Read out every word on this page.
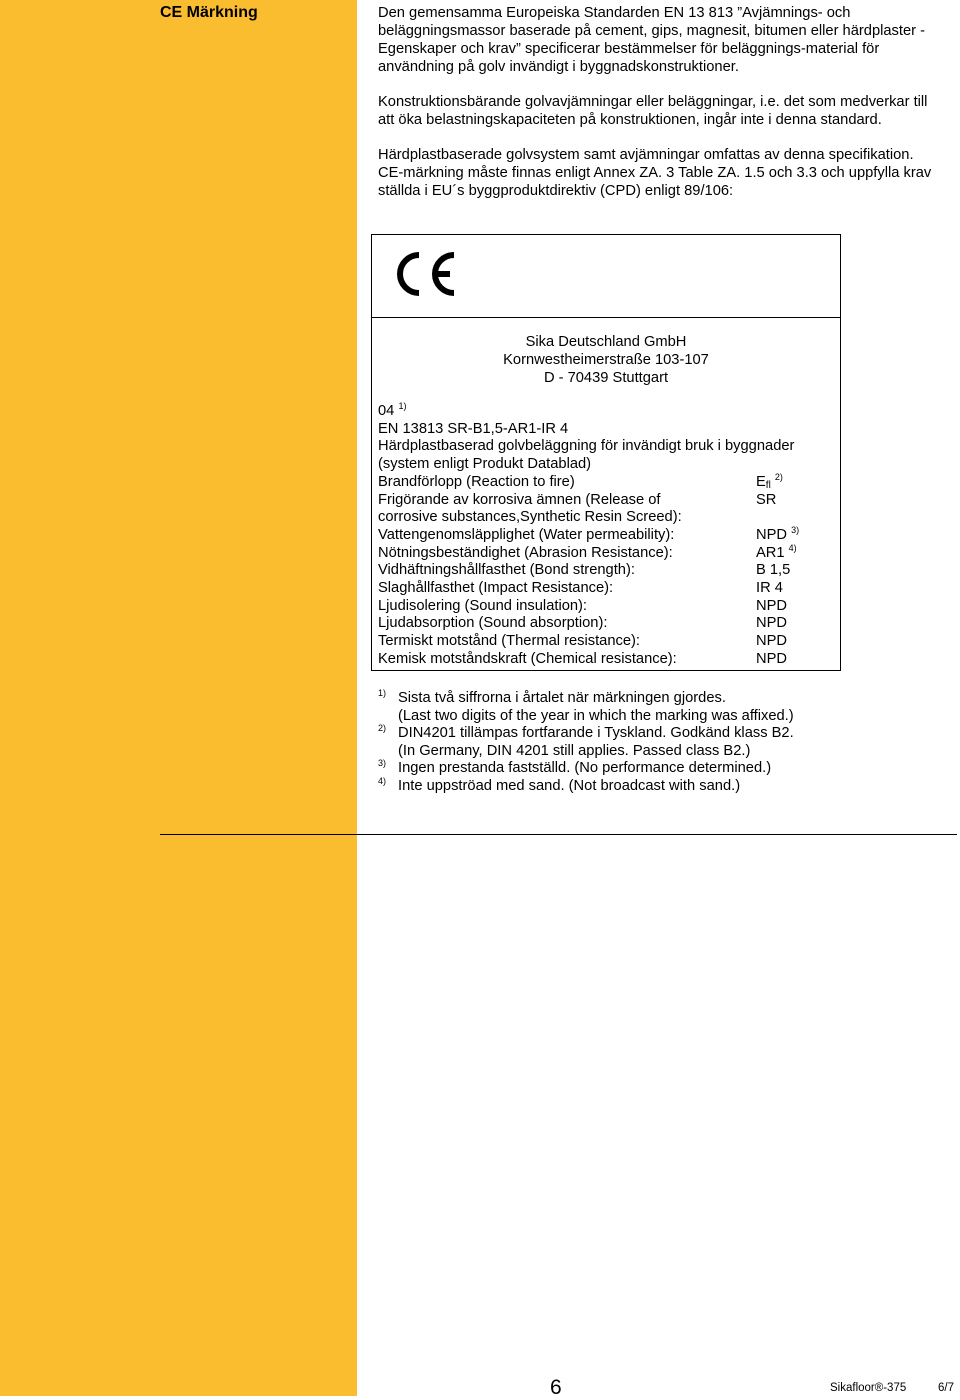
CE Märkning	Den gemensamma Europeiska Standarden EN 13 813 ”Avjämnings- och beläggningsmassor baserade på cement, gips, magnesit, bitumen eller härdplaster - Egenskaper och krav” specificerar bestämmelser för beläggnings-material för användning på golv invändigt i byggnadskonstruktioner.

Konstruktionsbärande golvavjämningar eller beläggningar, i.e. det som medverkar till att öka belastningskapaciteten på konstruktionen, ingår inte i denna standard.

Härdplastbaserade golvsystem samt avjämningar omfattas av denna specifikation. CE-märkning måste finnas enligt Annex ZA. 3 Table ZA. 1.5 och 3.3 och uppfylla krav ställda i EU´s byggproduktdirektiv (CPD) enligt 89/106:

Sika Deutschland GmbH
Kornwestheimerstraße 103-107
D - 70439 Stuttgart
04 $^{1)}$
EN 13813 SR-B1,5-AR1-IR 4
Härdplastbaserad golvbeläggning för invändigt bruk i byggnader
(system enligt Produkt Datablad)
Brandförlopp (Reaction to fire)	$E_{fl}$ $^{2)}$
Frigörande av korrosiva ämnen (Release of	SR
corrosive substances,Synthetic Resin Screed):
Vattengenomsläpplighet (Water permeability):	NPD $^{3)}$
Nötningsbeständighet (Abrasion Resistance):	AR1 $^{4)}$
Vidhäftningshållfasthet (Bond strength):	B 1,5
Slaghållfasthet (Impact Resistance):	IR 4
Ljudisolering (Sound insulation):	NPD
Ljudabsorption (Sound absorption):	NPD
Termiskt motstånd (Thermal resistance):	NPD
Kemisk motståndskraft (Chemical resistance):	NPD
1) Sista två siffrorna i årtalet när märkningen gjordes.
(Last two digits of the year in which the marking was affixed.)
2) DIN4201 tillämpas fortfarande i Tyskland. Godkänd klass B2.
(In Germany, DIN 4201 still applies. Passed class B2.)
3) Ingen prestanda fastställd. (No performance determined.)
4) Inte uppströad med sand. (Not broadcast with sand.)
6	Sikafloor®-375	6/7
